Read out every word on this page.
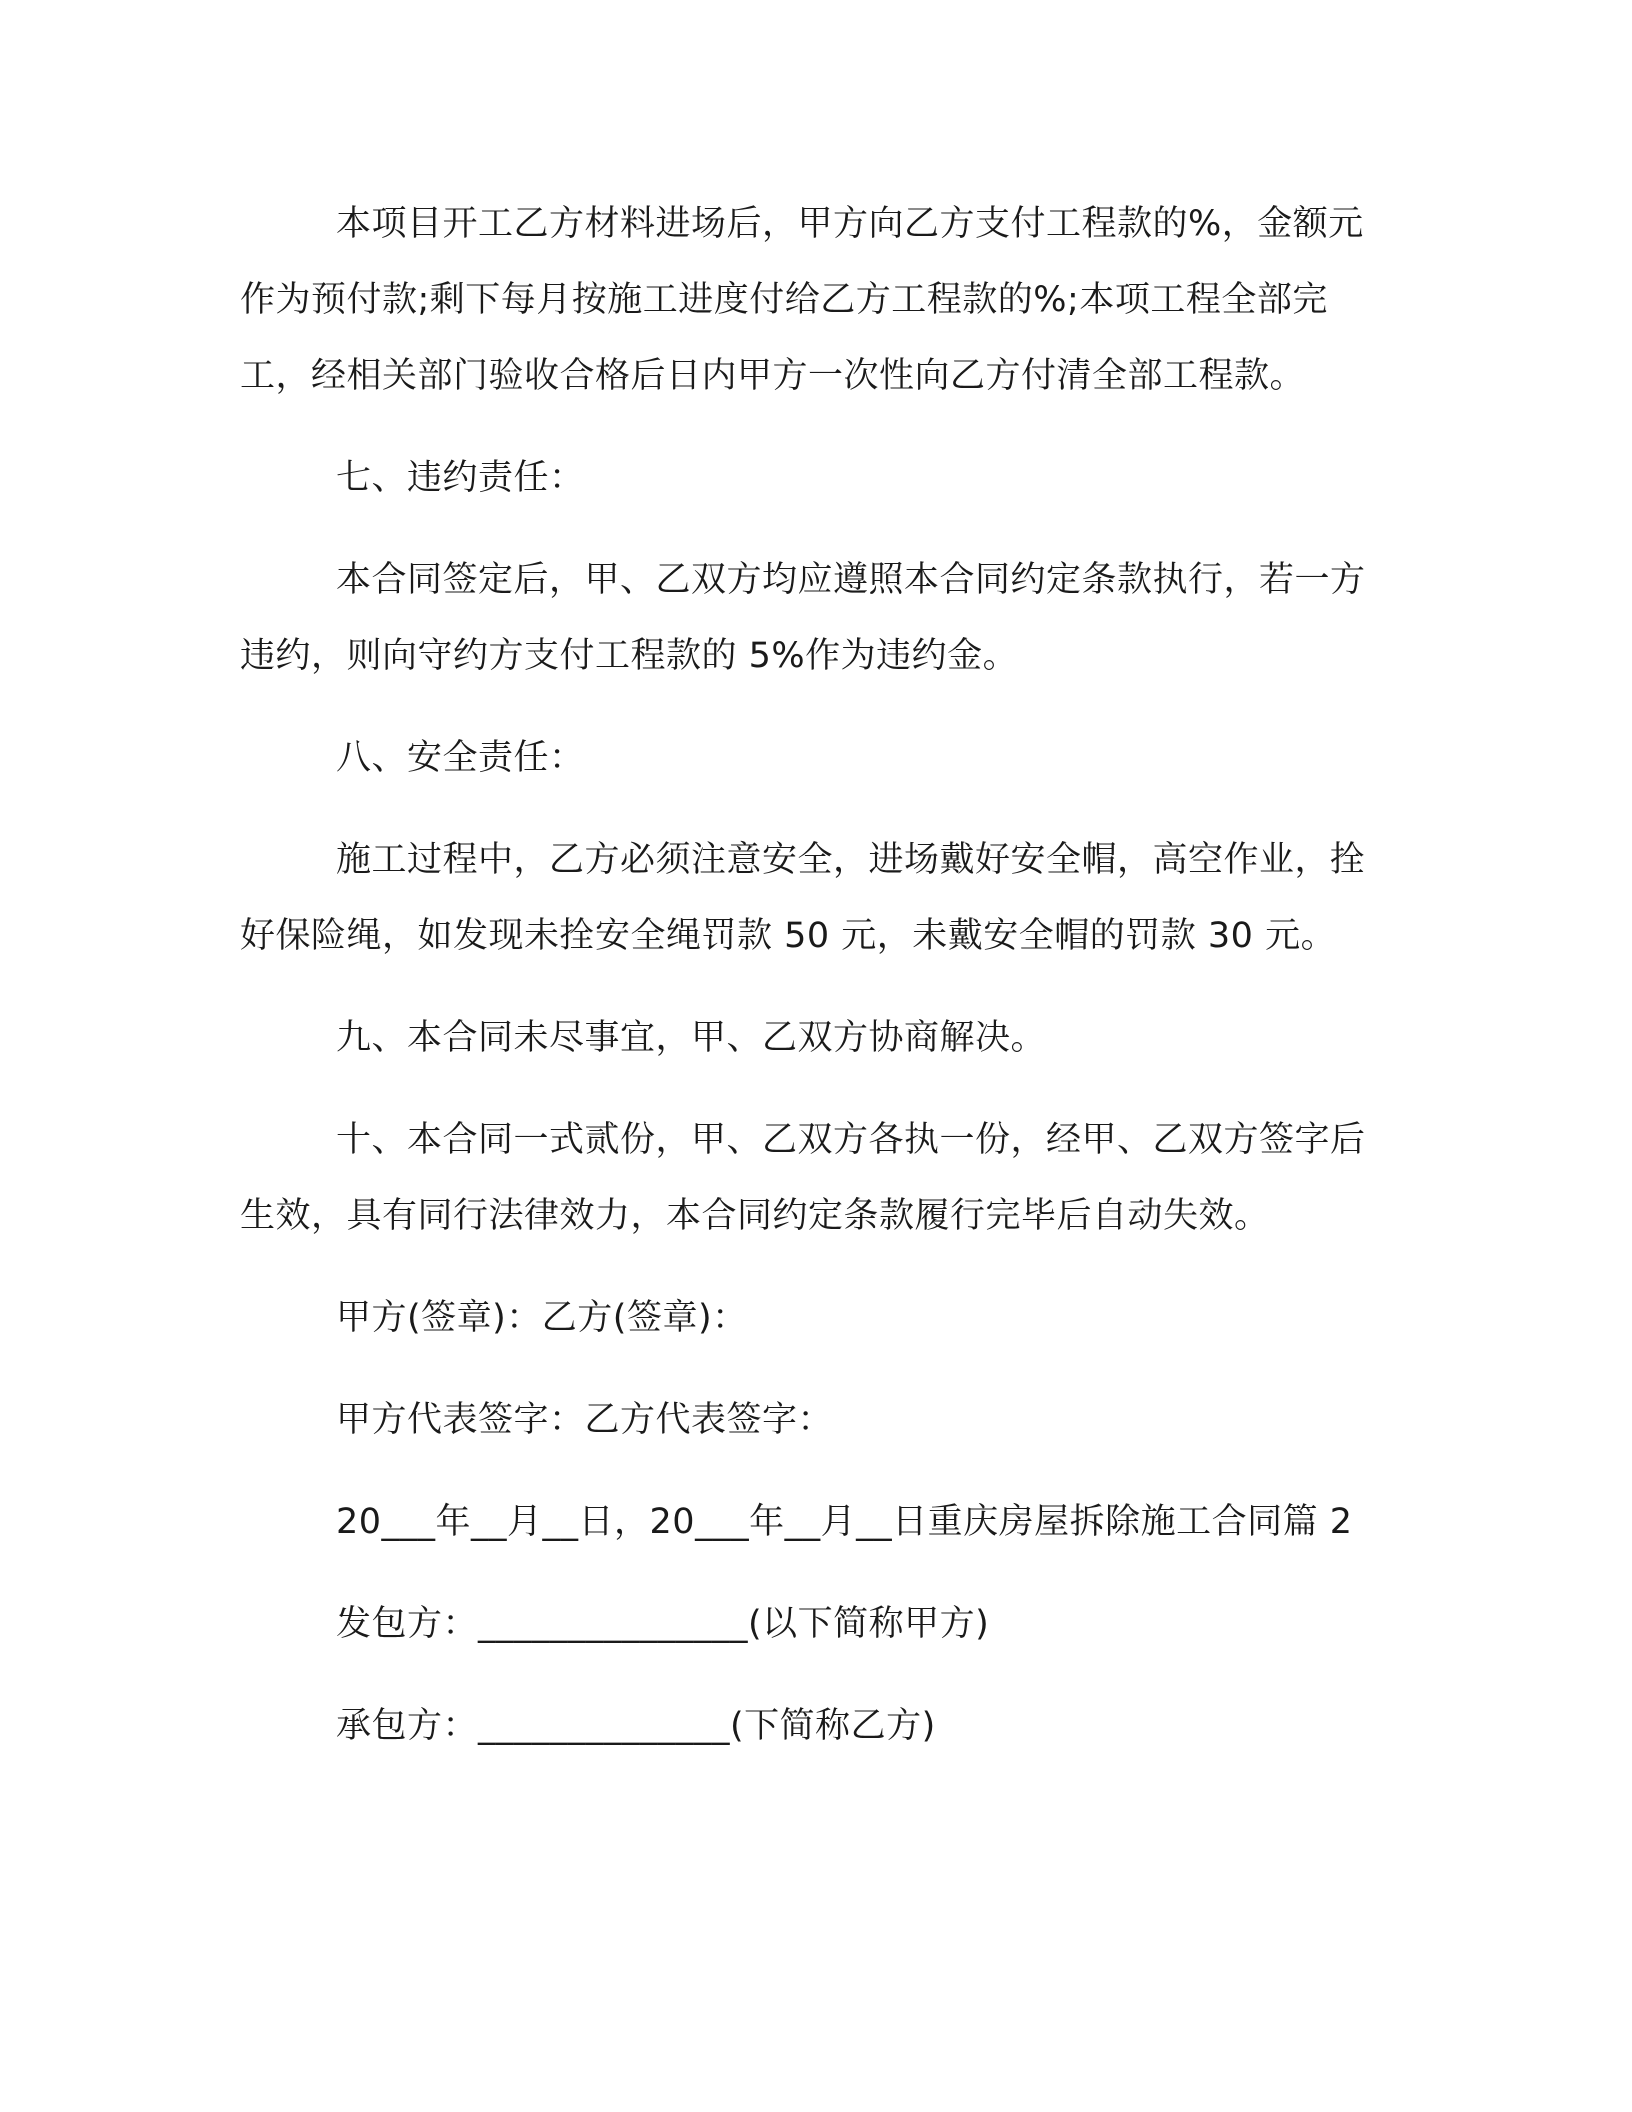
本项目开工乙方材料进场后，甲方向乙方支付工程款的%，金额元作为预付款;剩下每月按施工进度付给乙方工程款的%;本项工程全部完工，经相关部门验收合格后日内甲方一次性向乙方付清全部工程款。

七、违约责任：

本合同签定后，甲、乙双方均应遵照本合同约定条款执行，若一方违约，则向守约方支付工程款的 5%作为违约金。

八、安全责任：

施工过程中，乙方必须注意安全，进场戴好安全帽，高空作业，拴好保险绳，如发现未拴安全绳罚款 50 元，未戴安全帽的罚款 30 元。

九、本合同未尽事宜，甲、乙双方协商解决。

十、本合同一式贰份，甲、乙双方各执一份，经甲、乙双方签字后生效，具有同行法律效力，本合同约定条款履行完毕后自动失效。

甲方(签章)：乙方(签章)：

甲方代表签字：乙方代表签字：

20___年__月__日，20___年__月__日重庆房屋拆除施工合同篇 2

发包方：_______________(以下简称甲方)

承包方：______________(下简称乙方)
